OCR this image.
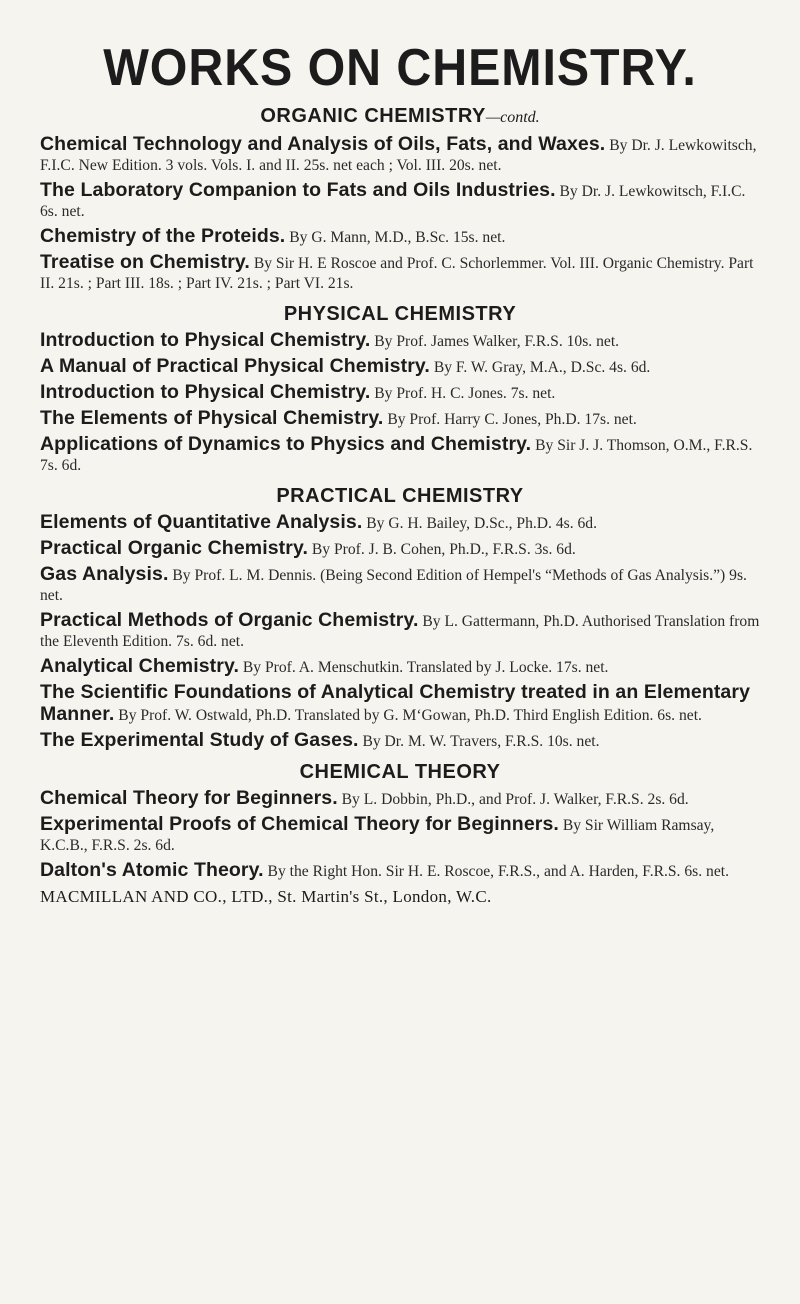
WORKS ON CHEMISTRY.
ORGANIC CHEMISTRY—contd.

Chemical Technology and Analysis of Oils, Fats, and Waxes. By Dr. J. Lewkowitsch, F.I.C. New Edition. 3 vols. Vols. I. and II. 25s. net each ; Vol. III. 20s. net.

The Laboratory Companion to Fats and Oils Industries. By Dr. J. Lewkowitsch, F.I.C. 6s. net.

Chemistry of the Proteids. By G. Mann, M.D., B.Sc. 15s. net.

Treatise on Chemistry. By Sir H. E Roscoe and Prof. C. Schorlemmer. Vol. III. Organic Chemistry. Part II. 21s. ; Part III. 18s. ; Part IV. 21s. ; Part VI. 21s.

PHYSICAL CHEMISTRY

Introduction to Physical Chemistry. By Prof. James Walker, F.R.S. 10s. net.

A Manual of Practical Physical Chemistry. By F. W. Gray, M.A., D.Sc. 4s. 6d.

Introduction to Physical Chemistry. By Prof. H. C. Jones. 7s. net.

The Elements of Physical Chemistry. By Prof. Harry C. Jones, Ph.D. 17s. net.

Applications of Dynamics to Physics and Chemistry. By Sir J. J. Thomson, O.M., F.R.S. 7s. 6d.

PRACTICAL CHEMISTRY

Elements of Quantitative Analysis. By G. H. Bailey, D.Sc., Ph.D. 4s. 6d.

Practical Organic Chemistry. By Prof. J. B. Cohen, Ph.D., F.R.S. 3s. 6d.

Gas Analysis. By Prof. L. M. Dennis. (Being Second Edition of Hempel's “Methods of Gas Analysis.”) 9s. net.

Practical Methods of Organic Chemistry. By L. Gattermann, Ph.D. Authorised Translation from the Eleventh Edition. 7s. 6d. net.

Analytical Chemistry. By Prof. A. Menschutkin. Translated by J. Locke. 17s. net.

The Scientific Foundations of Analytical Chemistry treated in an Elementary Manner. By Prof. W. Ostwald, Ph.D. Translated by G. M‘Gowan, Ph.D. Third English Edition. 6s. net.

The Experimental Study of Gases. By Dr. M. W. Travers, F.R.S. 10s. net.

CHEMICAL THEORY

Chemical Theory for Beginners. By L. Dobbin, Ph.D., and Prof. J. Walker, F.R.S. 2s. 6d.

Experimental Proofs of Chemical Theory for Beginners. By Sir William Ramsay, K.C.B., F.R.S. 2s. 6d.

Dalton's Atomic Theory. By the Right Hon. Sir H. E. Roscoe, F.R.S., and A. Harden, F.R.S. 6s. net.

MACMILLAN AND CO., LTD., St. Martin's St., London, W.C.
